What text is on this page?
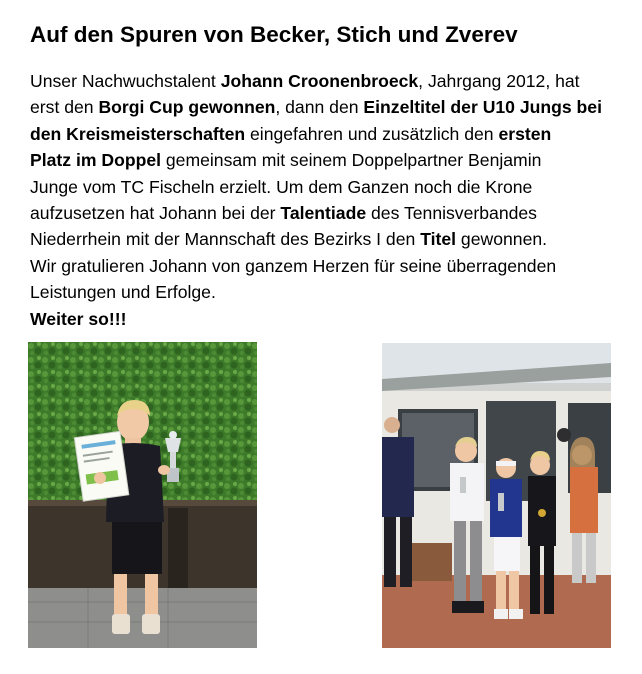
Auf den Spuren von Becker, Stich und Zverev
Unser Nachwuchstalent Johann Croonenbroeck, Jahrgang 2012, hat
erst den Borgi Cup gewonnen, dann den Einzeltitel der U10 Jungs bei
den Kreismeisterschaften eingefahren und zusätzlich den ersten
Platz im Doppel gemeinsam mit seinem Doppelpartner Benjamin
Junge vom TC Fischeln erzielt. Um dem Ganzen noch die Krone
aufzusetzen hat Johann bei der Talentiade des Tennisverbandes
Niederrhein mit der Mannschaft des Bezirks I den Titel gewonnen.
Wir gratulieren Johann von ganzem Herzen für seine überragenden
Leistungen und Erfolge.
Weiter so!!!
